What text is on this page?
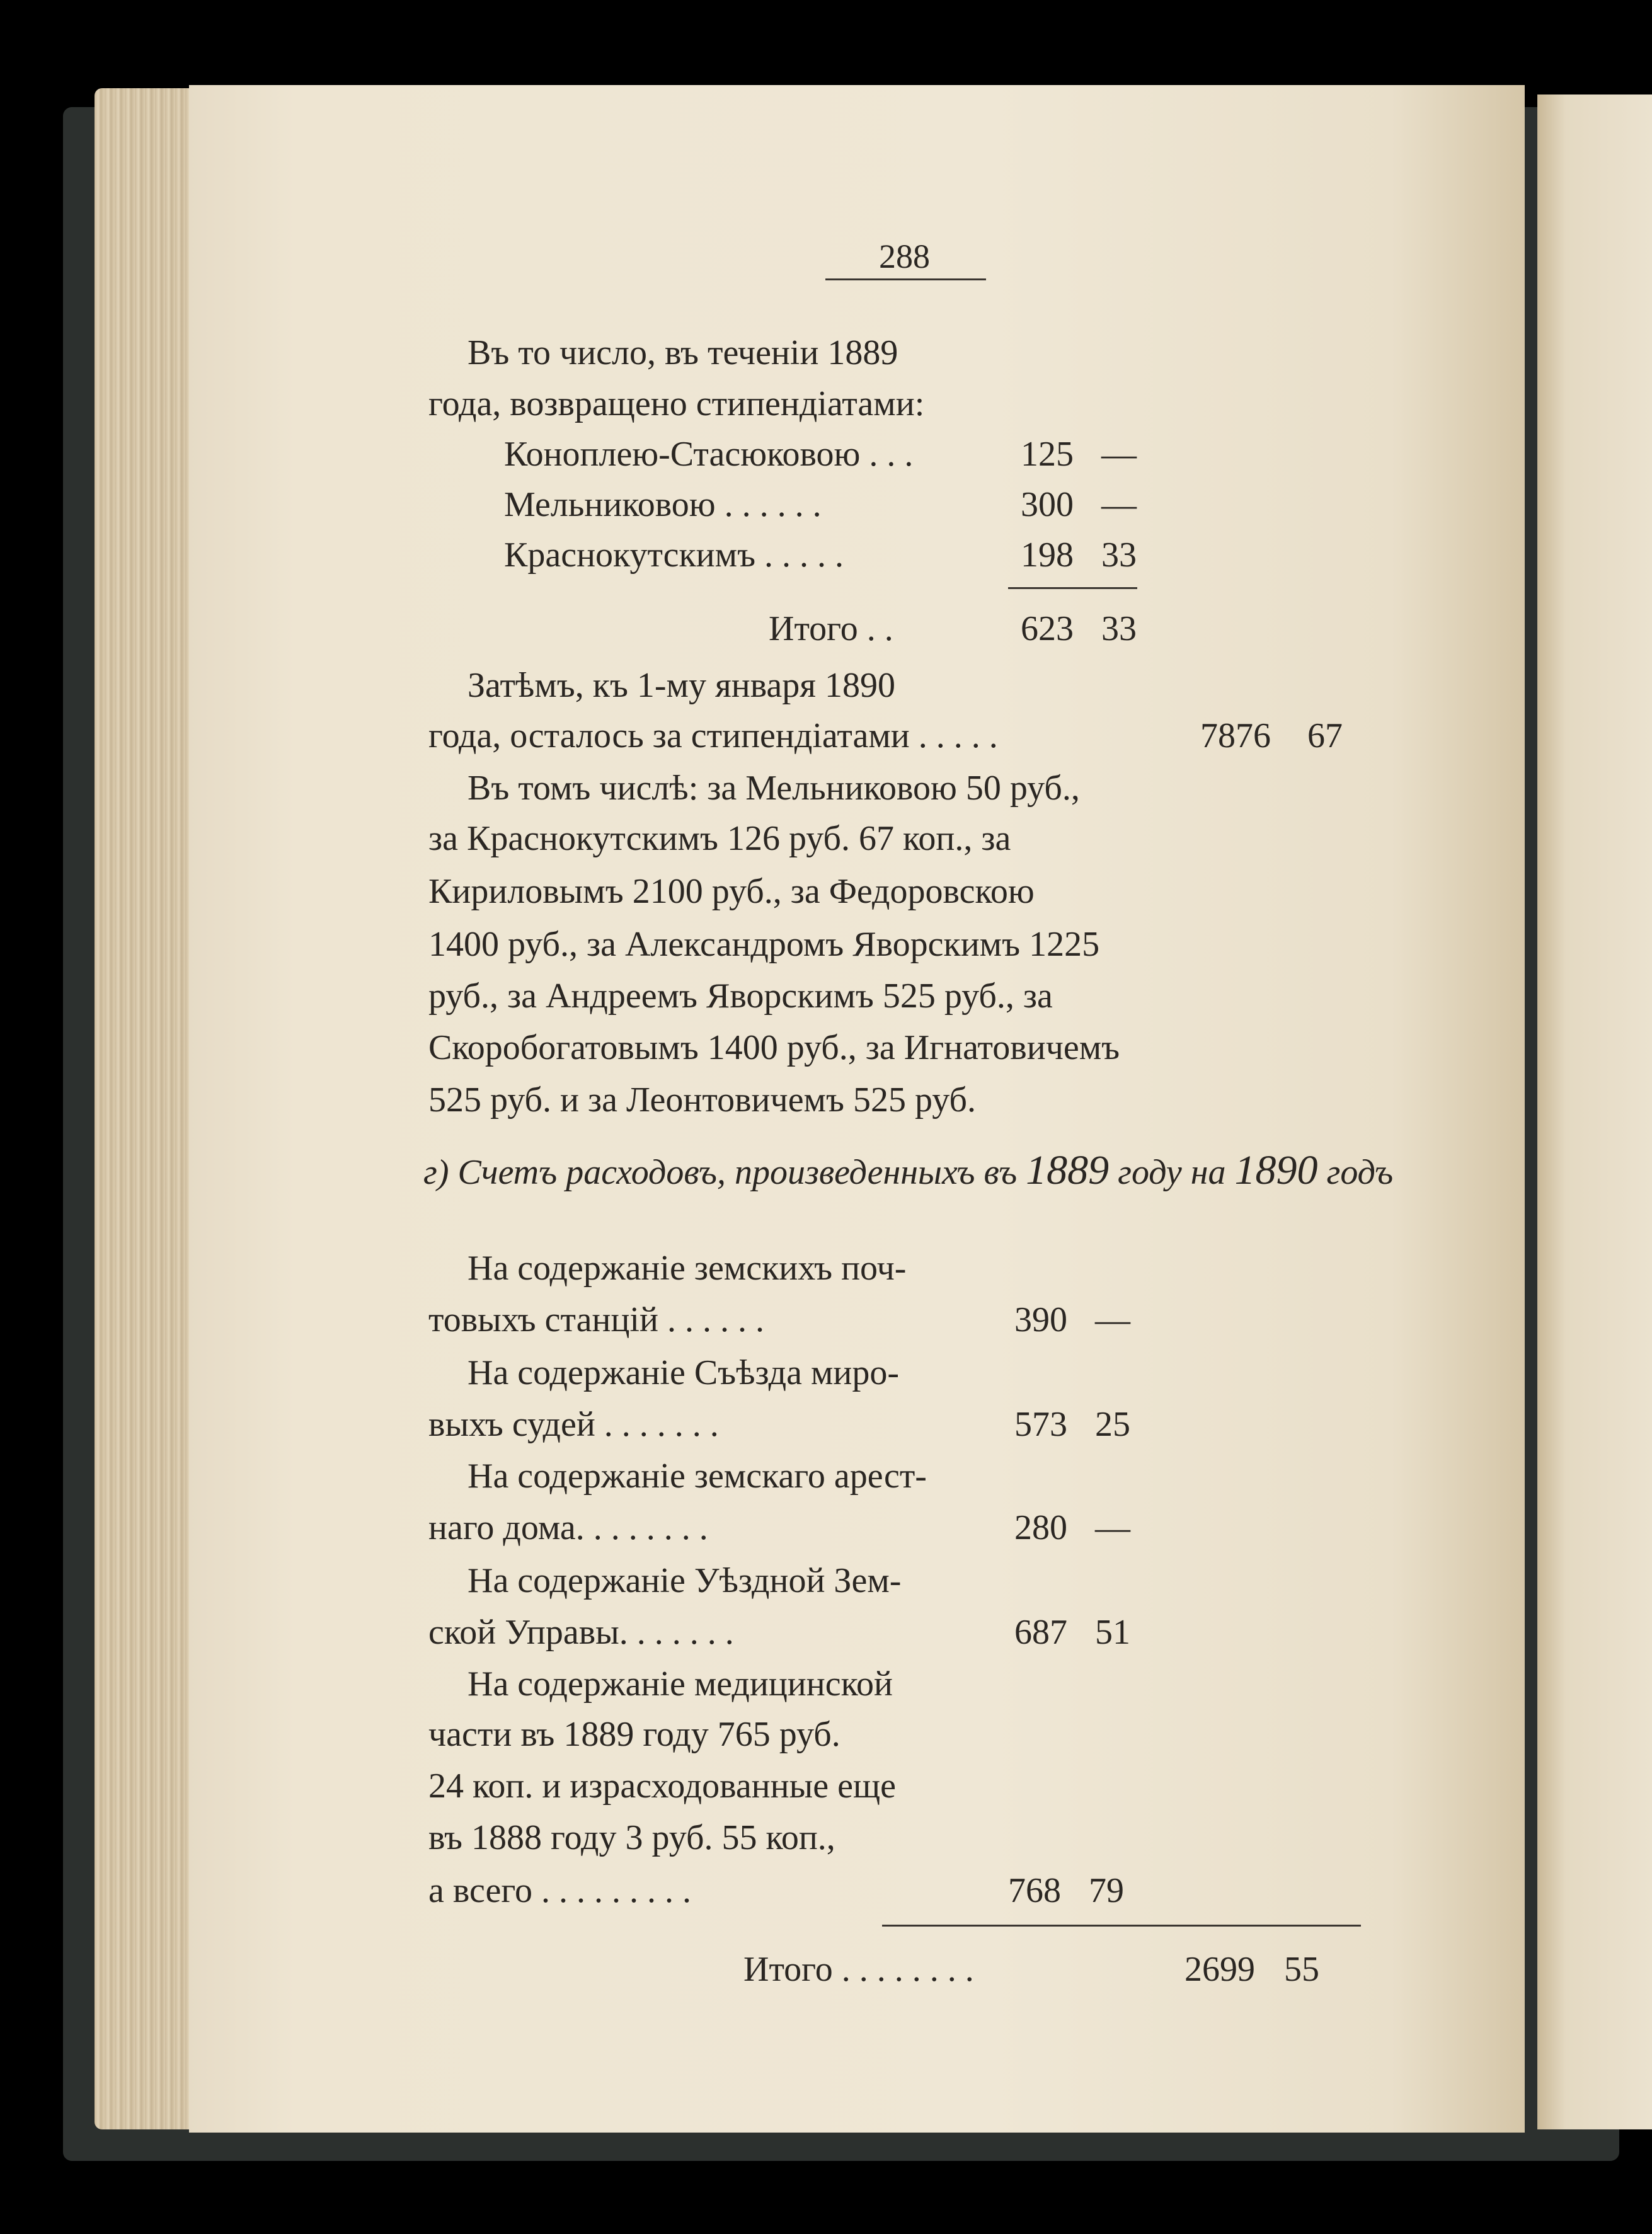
288
Въ то число, въ теченіи 1889
года, возвращено стипендіатами:
Коноплею-Стасюковою . . .	125 —
Мельниковою . . . . . .	300 —
Краснокутскимъ . . . . .	198 33
Итого . .	623 33
Затѣмъ, къ 1-му января 1890
года, осталось за стипендіатами . . . . .	7876 67
Въ томъ числѣ: за Мельниковою 50 руб.,
за Краснокутскимъ 126 руб. 67 коп., за
Кириловымъ 2100 руб., за Федоровскою
1400 руб., за Александромъ Яворскимъ 1225
руб., за Андреемъ Яворскимъ 525 руб., за
Скоробогатовымъ 1400 руб., за Игнатовичемъ
525 руб. и за Леонтовичемъ 525 руб.
г) Счетъ расходовъ, произведенныхъ въ 1889 году на 1890 годъ
На содержаніе земскихъ поч-
товыхъ станцій . . . . . .	390 —
На содержаніе Съѣзда миро-
выхъ судей . . . . . . .	573 25
На содержаніе земскаго арест-
наго дома. . . . . . . .	280 —
На содержаніе Уѣздной Зем-
ской Управы. . . . . . .	687 51
На содержаніе медицинской
части въ 1889 году 765 руб.
24 коп. и израсходованные еще
въ 1888 году 3 руб. 55 коп.,
а всего . . . . . . . . .	768 79
Итого . . . . . . . .	2699 55
